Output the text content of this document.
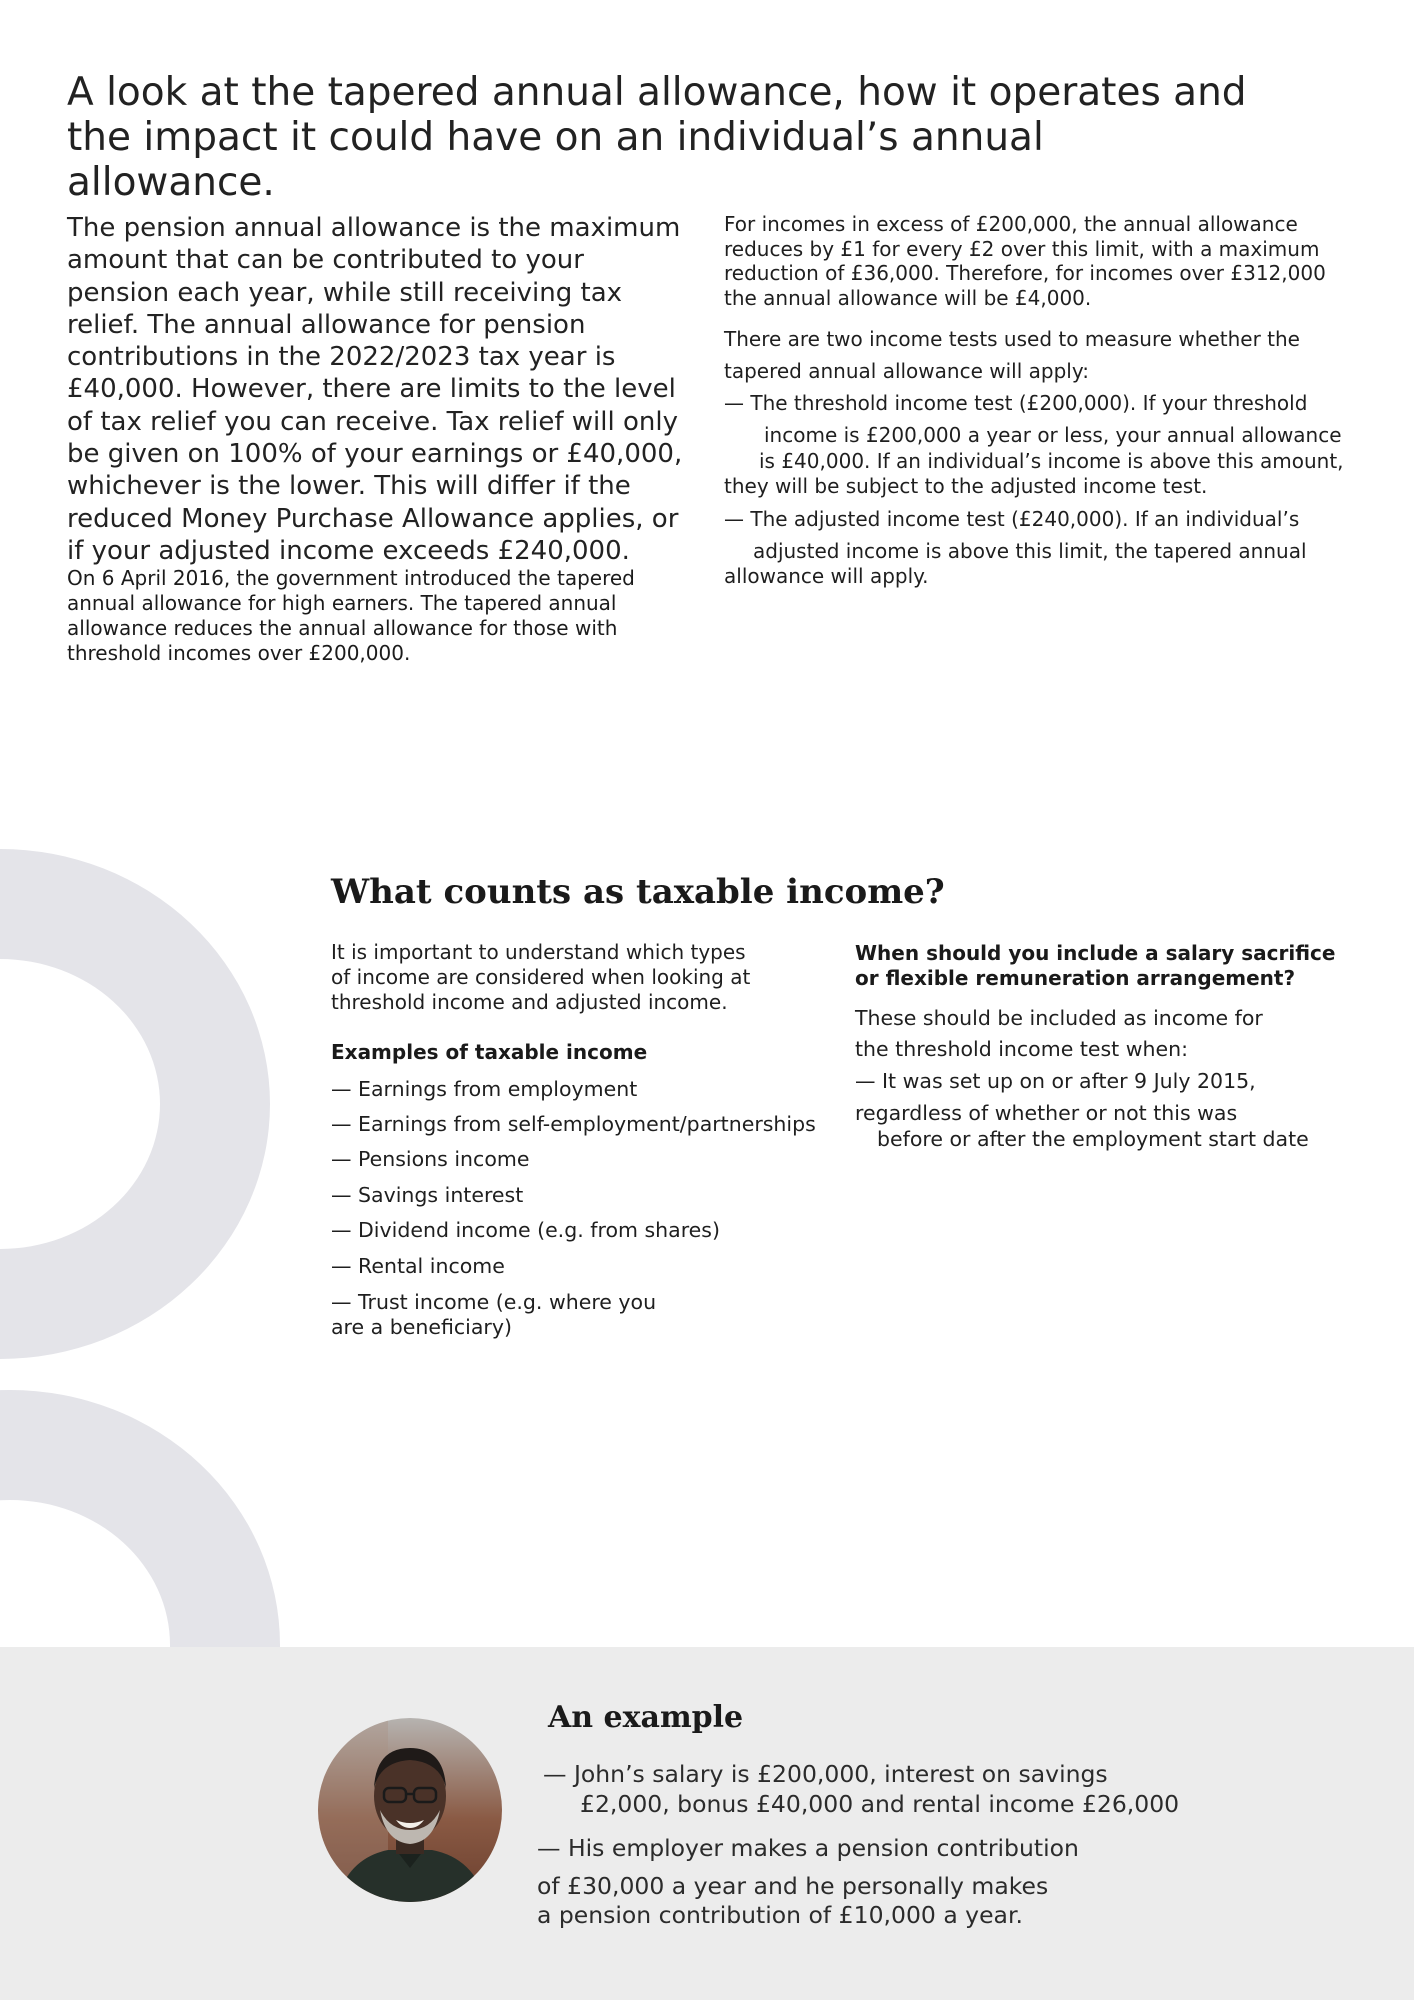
A look at the tapered annual allowance, how it operates and
the impact it could have on an individual’s annual allowance.
The pension annual allowance is the maximum amount that can be contributed to your pension each year, while still receiving tax relief. The annual allowance for pension contributions in the 2022/2023 tax year is £40,000. However, there are limits to the level of tax relief you can receive. Tax relief will only be given on 100% of your earnings or £40,000, whichever is the lower. This will differ if the reduced Money Purchase Allowance applies, or if your adjusted income exceeds £240,000.
On 6 April 2016, the government introduced the tapered annual allowance for high earners. The tapered annual allowance reduces the annual allowance for those with threshold incomes over £200,000.
For incomes in excess of £200,000, the annual allowance reduces by £1 for every £2 over this limit, with a maximum reduction of £36,000. Therefore, for incomes over £312,000 the annual allowance will be £4,000.
There are two income tests used to measure whether the
tapered annual allowance will apply:
— The threshold income test (£200,000). If your threshold
income is £200,000 a year or less, your annual allowance
is £40,000. If an individual’s income is above this amount,
they will be subject to the adjusted income test.
— The adjusted income test (£240,000). If an individual’s
adjusted income is above this limit, the tapered annual
allowance will apply.
What counts as taxable income?
It is important to understand which types of income are considered when looking at threshold income and adjusted income.
Examples of taxable income
— Earnings from employment
— Earnings from self-employment/partnerships
— Pensions income
— Savings interest
— Dividend income (e.g. from shares)
— Rental income
— Trust income (e.g. where you
are a beneficiary)
When should you include a salary sacrifice
or flexible remuneration arrangement?
These should be included as income for
the threshold income test when:
— It was set up on or after 9 July 2015,
regardless of whether or not this was
before or after the employment start date
An example
— John’s salary is £200,000, interest on savings
£2,000, bonus £40,000 and rental income £26,000
— His employer makes a pension contribution
of £30,000 a year and he personally makes
a pension contribution of £10,000 a year.
